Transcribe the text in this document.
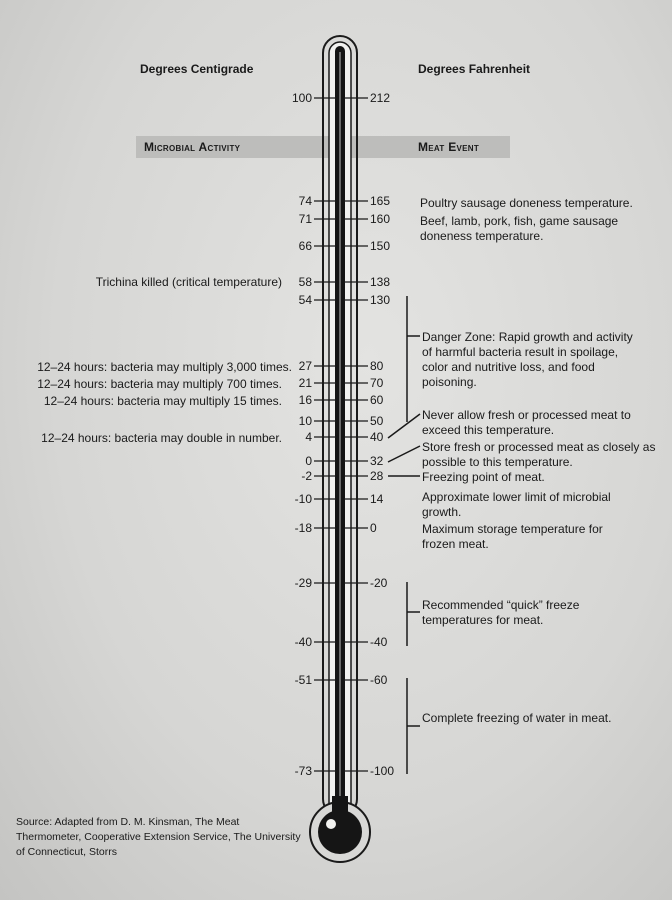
Degrees Centigrade	Degrees Fahrenheit
Microbial Activity	Meat Event
100	212
74	165
71	160
66	150
58	138
54	130
27	80
21	70
16	60
10	50
4	40
0	32
-2	28
-10	14
-18	0
-29	-20
-40	-40
-51	-60
-73	-100
Trichina killed (critical temperature)
12–24 hours: bacteria may multiply 3,000 times.
12–24 hours: bacteria may multiply 700 times.
12–24 hours: bacteria may multiply 15 times.
12–24 hours: bacteria may double in number.
Poultry sausage doneness temperature.
Beef, lamb, pork, fish, game sausage doneness temperature.
Danger Zone: Rapid growth and activity of harmful bacteria result in spoilage, color and nutritive loss, and food poisoning.
Never allow fresh or processed meat to exceed this temperature.
Store fresh or processed meat as closely as possible to this temperature.
Freezing point of meat.
Approximate lower limit of microbial growth.
Maximum storage temperature for frozen meat.
Recommended “quick” freeze temperatures for meat.
Complete freezing of water in meat.
Source: Adapted from D. M. Kinsman, The Meat Thermometer, Cooperative Extension Service, The University of Connecticut, Storrs
